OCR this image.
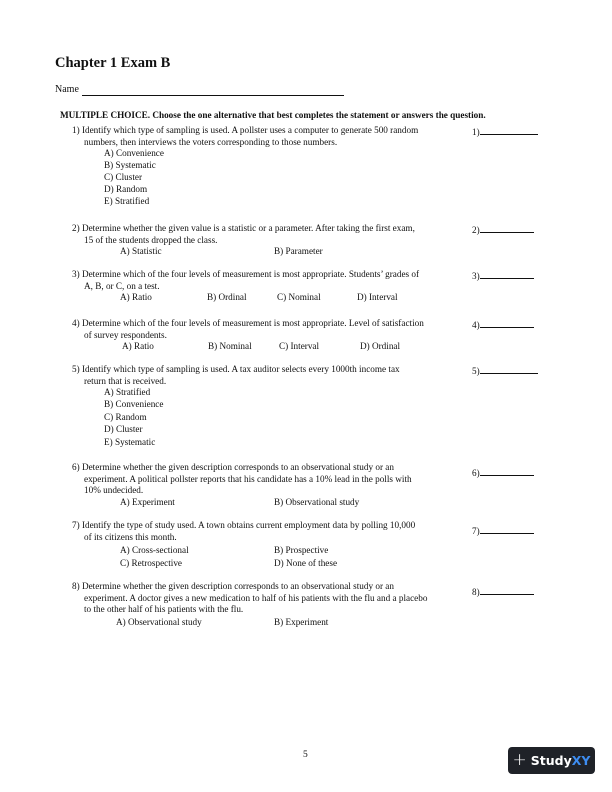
Chapter 1 Exam B
Name
MULTIPLE CHOICE. Choose the one alternative that best completes the statement or answers the question.
1) Identify which type of sampling is used. A pollster uses a computer to generate 500 random
numbers, then interviews the voters corresponding to those numbers.
1)
A) Convenience
B) Systematic
C) Cluster
D) Random
E) Stratified
2) Determine whether the given value is a statistic or a parameter. After taking the first exam,
15 of the students dropped the class.
2)
A) Statistic	B) Parameter
3) Determine which of the four levels of measurement is most appropriate. Students’ grades of
A, B, or C, on a test.
3)
A) Ratio	B) Ordinal	C) Nominal	D) Interval
4) Determine which of the four levels of measurement is most appropriate. Level of satisfaction
of survey respondents.
4)
A) Ratio	B) Nominal	C) Interval	D) Ordinal
5) Identify which type of sampling is used. A tax auditor selects every 1000th income tax
return that is received.
5)
A) Stratified
B) Convenience
C) Random
D) Cluster
E) Systematic
6) Determine whether the given description corresponds to an observational study or an
experiment. A political pollster reports that his candidate has a 10% lead in the polls with
10% undecided.
6)
A) Experiment	B) Observational study
7) Identify the type of study used. A town obtains current employment data by polling 10,000
of its citizens this month.
7)
A) Cross-sectional	B) Prospective
C) Retrospective	D) None of these
8) Determine whether the given description corresponds to an observational study or an
experiment. A doctor gives a new medication to half of his patients with the flu and a placebo
to the other half of his patients with the flu.
8)
A) Observational study	B) Experiment
5	+ StudyXY
